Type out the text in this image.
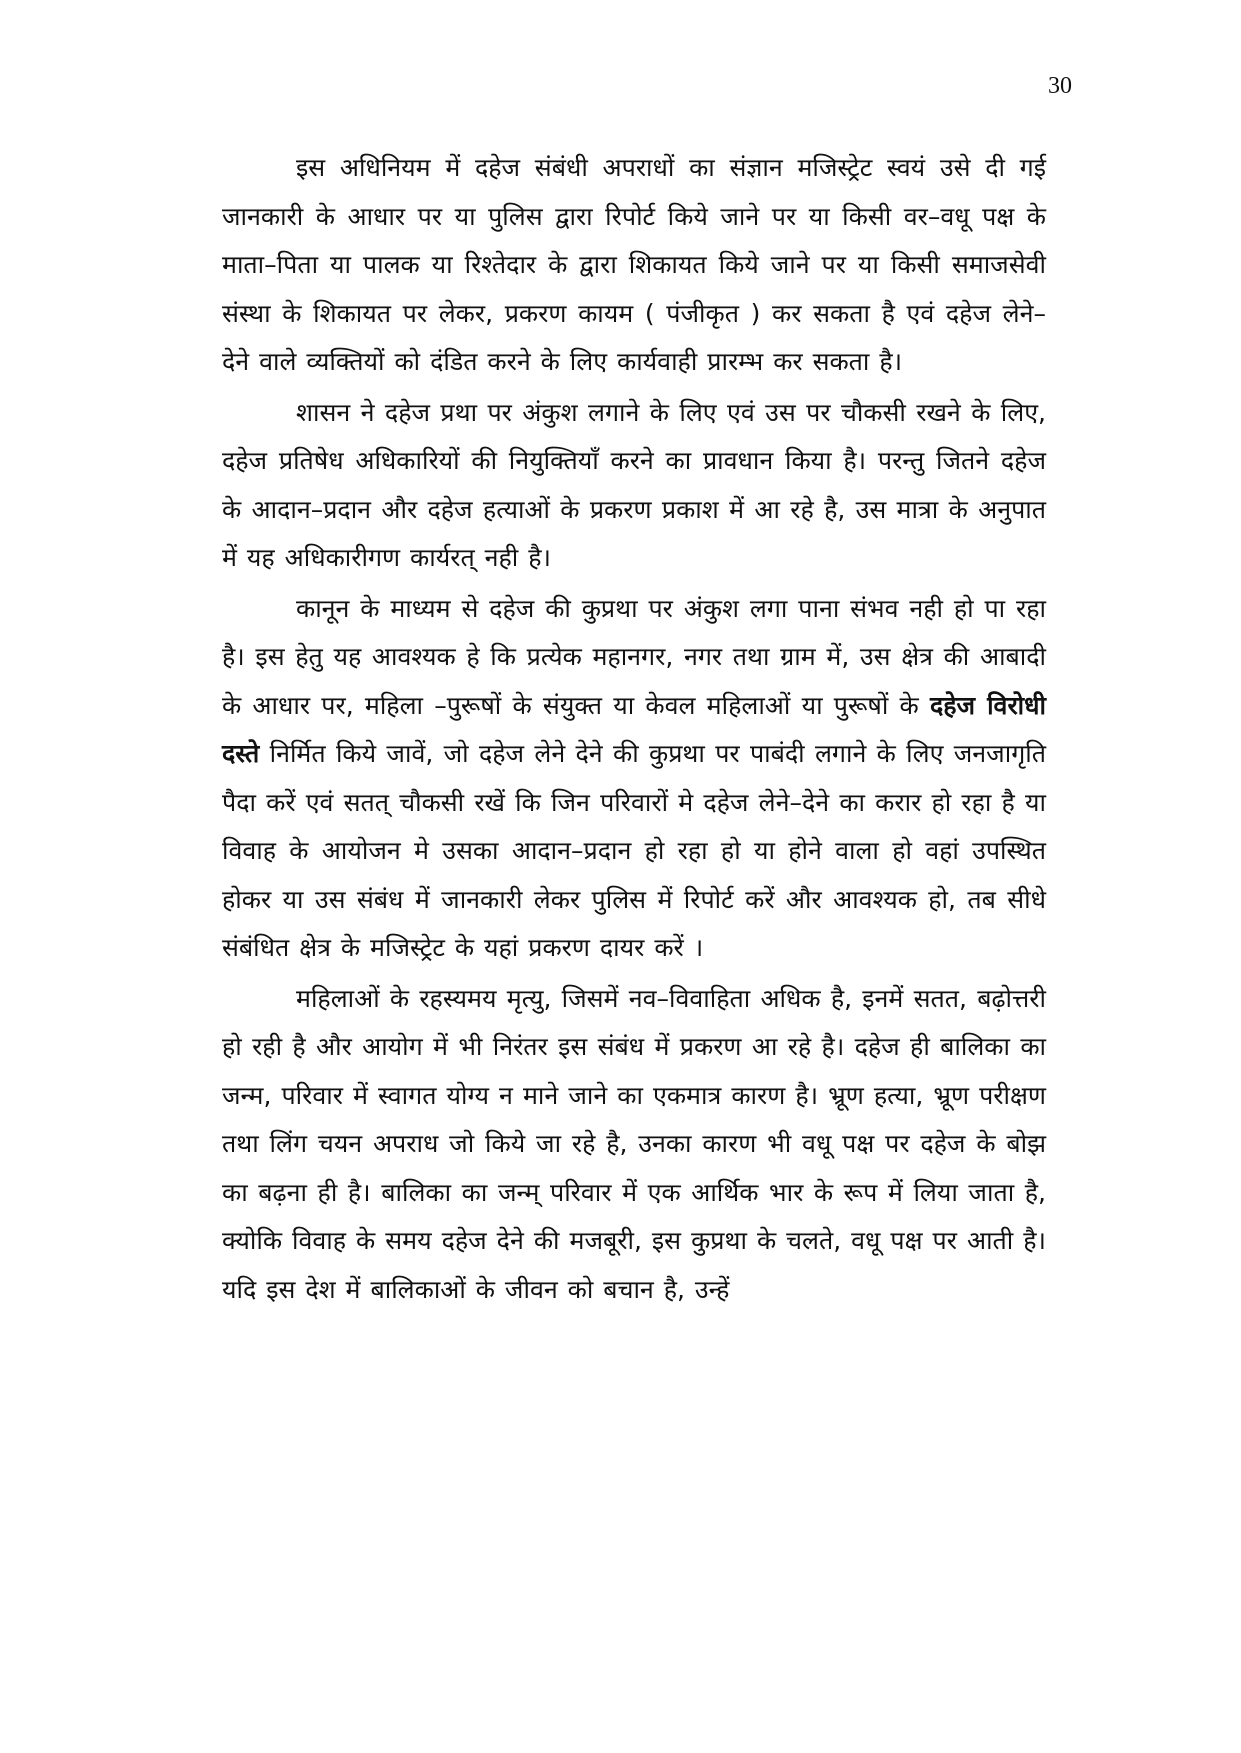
30

इस अधिनियम में दहेज संबंधी अपराधों का संज्ञान मजिस्ट्रेट स्वयं उसे दी गई जानकारी के आधार पर या पुलिस द्वारा रिपोर्ट किये जाने पर या किसी वर–वधू पक्ष के माता–पिता या पालक या रिश्तेदार के द्वारा शिकायत किये जाने पर या किसी समाजसेवी संस्था के शिकायत पर लेकर, प्रकरण कायम ( पंजीकृत ) कर सकता है एवं दहेज लेने–देने वाले व्यक्तियों को दंडित करने के लिए कार्यवाही प्रारम्भ कर सकता है।

शासन ने दहेज प्रथा पर अंकुश लगाने के लिए एवं उस पर चौकसी रखने के लिए, दहेज प्रतिषेध अधिकारियों की नियुक्तियाँ करने का प्रावधान किया है। परन्तु जितने दहेज के आदान–प्रदान और दहेज हत्याओं के प्रकरण प्रकाश में आ रहे है, उस मात्रा के अनुपात में यह अधिकारीगण कार्यरत् नही है।

कानून के माध्यम से दहेज की कुप्रथा पर अंकुश लगा पाना संभव नही हो पा रहा है। इस हेतु यह आवश्यक हे कि प्रत्येक महानगर, नगर तथा ग्राम में, उस क्षेत्र की आबादी के आधार पर, महिला –पुरूषों के संयुक्त या केवल महिलाओं या पुरूषों के दहेज विरोधी दस्ते निर्मित किये जावें, जो दहेज लेने देने की कुप्रथा पर पाबंदी लगाने के लिए जनजागृति पैदा करें एवं सतत् चौकसी रखें कि जिन परिवारों मे दहेज लेने–देने का करार हो रहा है या विवाह के आयोजन मे उसका आदान–प्रदान हो रहा हो या होने वाला हो वहां उपस्थित होकर या उस संबंध में जानकारी लेकर पुलिस में रिपोर्ट करें और आवश्यक हो, तब सीधे संबंधित क्षेत्र के मजिस्ट्रेट के यहां प्रकरण दायर करें ।

महिलाओं के रहस्यमय मृत्यु, जिसमें नव–विवाहिता अधिक है, इनमें सतत, बढ़ोत्तरी हो रही है और आयोग में भी निरंतर इस संबंध में प्रकरण आ रहे है। दहेज ही बालिका का जन्म, परिवार में स्वागत योग्य न माने जाने का एकमात्र कारण है। भ्रूण हत्या, भ्रूण परीक्षण तथा लिंग चयन अपराध जो किये जा रहे है, उनका कारण भी वधू पक्ष पर दहेज के बोझ का बढ़ना ही है। बालिका का जन्म् परिवार में एक आर्थिक भार के रूप में लिया जाता है, क्योकि विवाह के समय दहेज देने की मजबूरी, इस कुप्रथा के चलते, वधू पक्ष पर आती है। यदि इस देश में बालिकाओं के जीवन को बचान है, उन्हें
